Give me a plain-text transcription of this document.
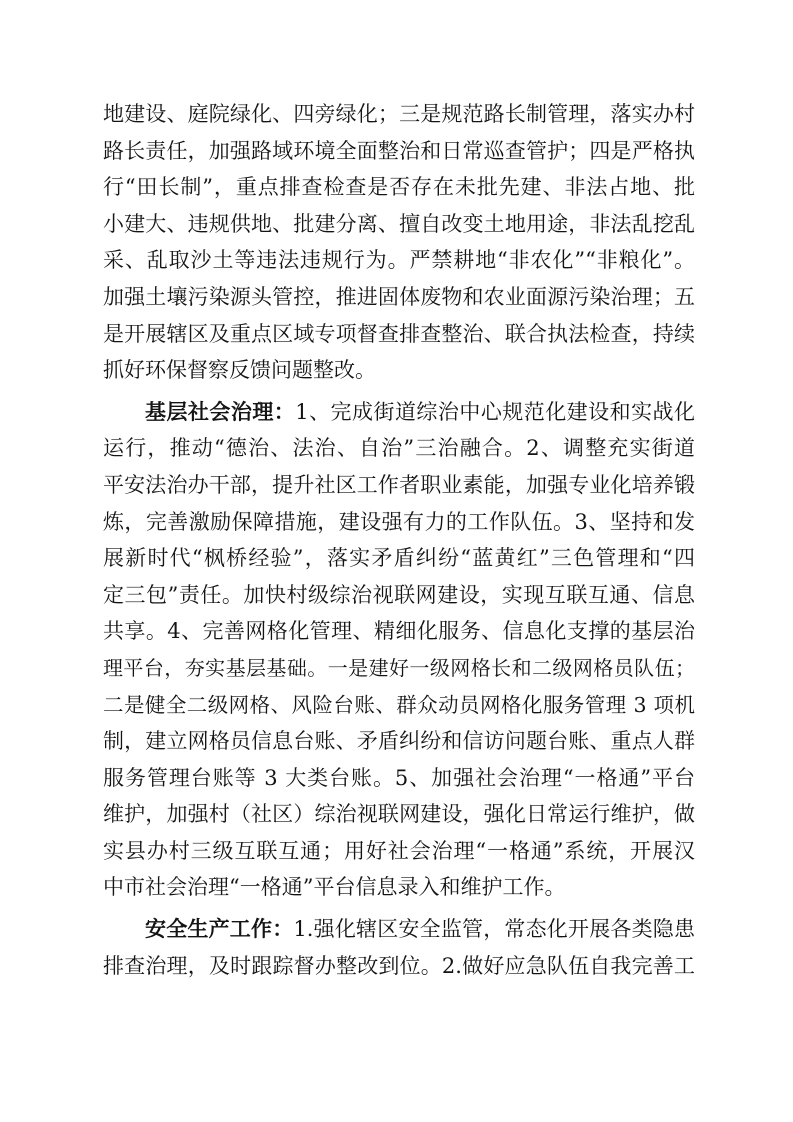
地建设、庭院绿化、四旁绿化；三是规范路长制管理，落实办村
路长责任，加强路域环境全面整治和日常巡查管护；四是严格执
行“田长制”，重点排查检查是否存在未批先建、非法占地、批
小建大、违规供地、批建分离、擅自改变土地用途，非法乱挖乱
采、乱取沙土等违法违规行为。严禁耕地“非农化”“非粮化”。
加强土壤污染源头管控，推进固体废物和农业面源污染治理；五
是开展辖区及重点区域专项督查排查整治、联合执法检查，持续
抓好环保督察反馈问题整改。
基层社会治理：1、完成街道综治中心规范化建设和实战化
运行，推动“德治、法治、自治”三治融合。2、调整充实街道
平安法治办干部，提升社区工作者职业素能，加强专业化培养锻
炼，完善激励保障措施，建设强有力的工作队伍。3、坚持和发
展新时代“枫桥经验”，落实矛盾纠纷“蓝黄红”三色管理和“四
定三包”责任。加快村级综治视联网建设，实现互联互通、信息
共享。4、完善网格化管理、精细化服务、信息化支撑的基层治
理平台，夯实基层基础。一是建好一级网格长和二级网格员队伍；
二是健全二级网格、风险台账、群众动员网格化服务管理 3 项机
制，建立网格员信息台账、矛盾纠纷和信访问题台账、重点人群
服务管理台账等 3 大类台账。5、加强社会治理“一格通”平台
维护，加强村（社区）综治视联网建设，强化日常运行维护，做
实县办村三级互联互通；用好社会治理“一格通”系统，开展汉
中市社会治理“一格通”平台信息录入和维护工作。
安全生产工作：1.强化辖区安全监管，常态化开展各类隐患
排查治理，及时跟踪督办整改到位。2.做好应急队伍自我完善工
